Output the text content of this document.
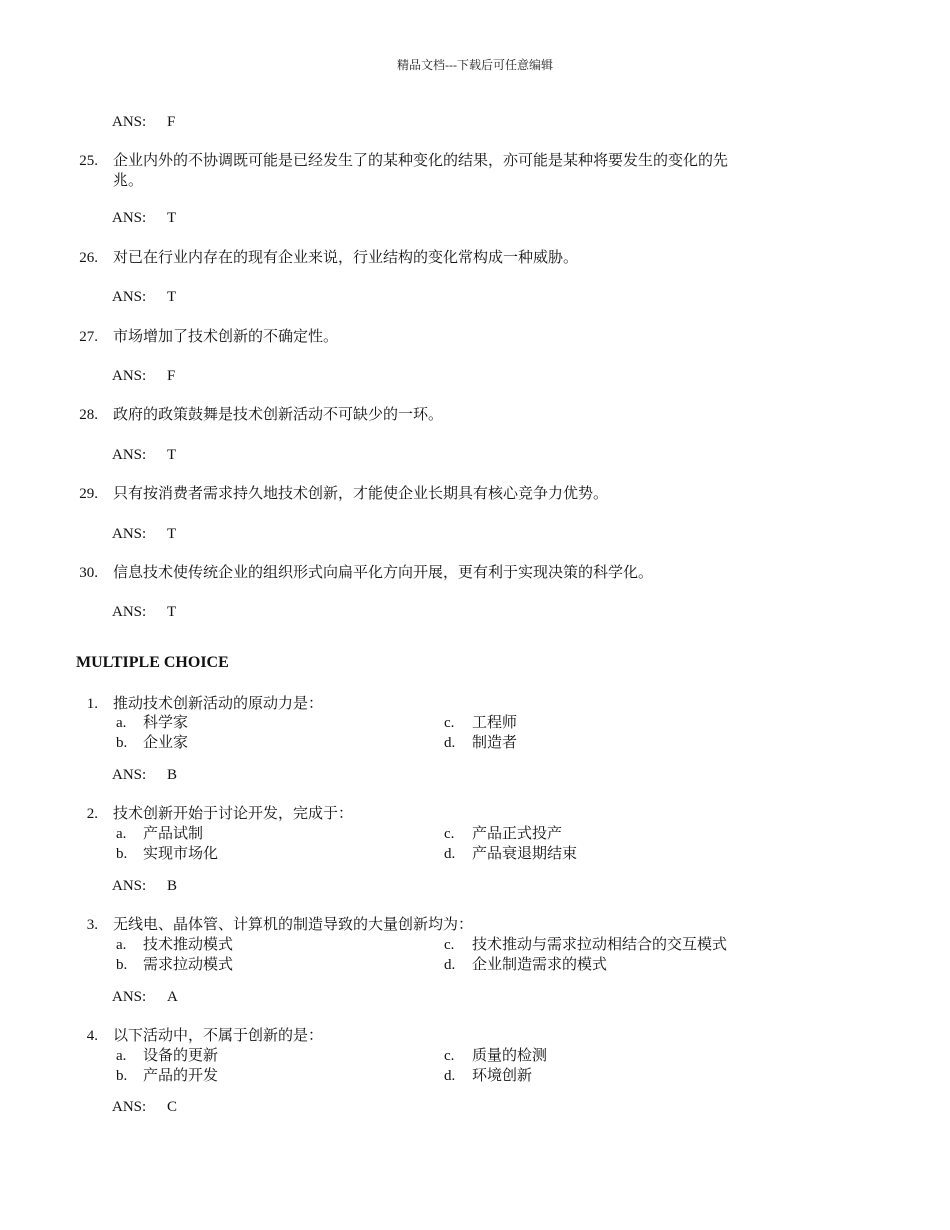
精品文档---下载后可任意编辑
ANS: F
25. 企业内外的不协调既可能是已经发生了的某种变化的结果，亦可能是某种将要发生的变化的先兆。
ANS: T
26. 对已在行业内存在的现有企业来说，行业结构的变化常构成一种威胁。
ANS: T
27. 市场增加了技术创新的不确定性。
ANS: F
28. 政府的政策鼓舞是技术创新活动不可缺少的一环。
ANS: T
29. 只有按消费者需求持久地技术创新，才能使企业长期具有核心竞争力优势。
ANS: T
30. 信息技术使传统企业的组织形式向扁平化方向开展，更有利于实现决策的科学化。
ANS: T
MULTIPLE CHOICE
1. 推动技术创新活动的原动力是：
a. 科学家
b. 企业家
c. 工程师
d. 制造者
ANS: B
2. 技术创新开始于讨论开发，完成于：
a. 产品试制
b. 实现市场化
c. 产品正式投产
d. 产品衰退期结束
ANS: B
3. 无线电、晶体管、计算机的制造导致的大量创新均为：
a. 技术推动模式
b. 需求拉动模式
c. 技术推动与需求拉动相结合的交互模式
d. 企业制造需求的模式
ANS: A
4. 以下活动中，不属于创新的是：
a. 设备的更新
b. 产品的开发
c. 质量的检测
d. 环境创新
ANS: C
